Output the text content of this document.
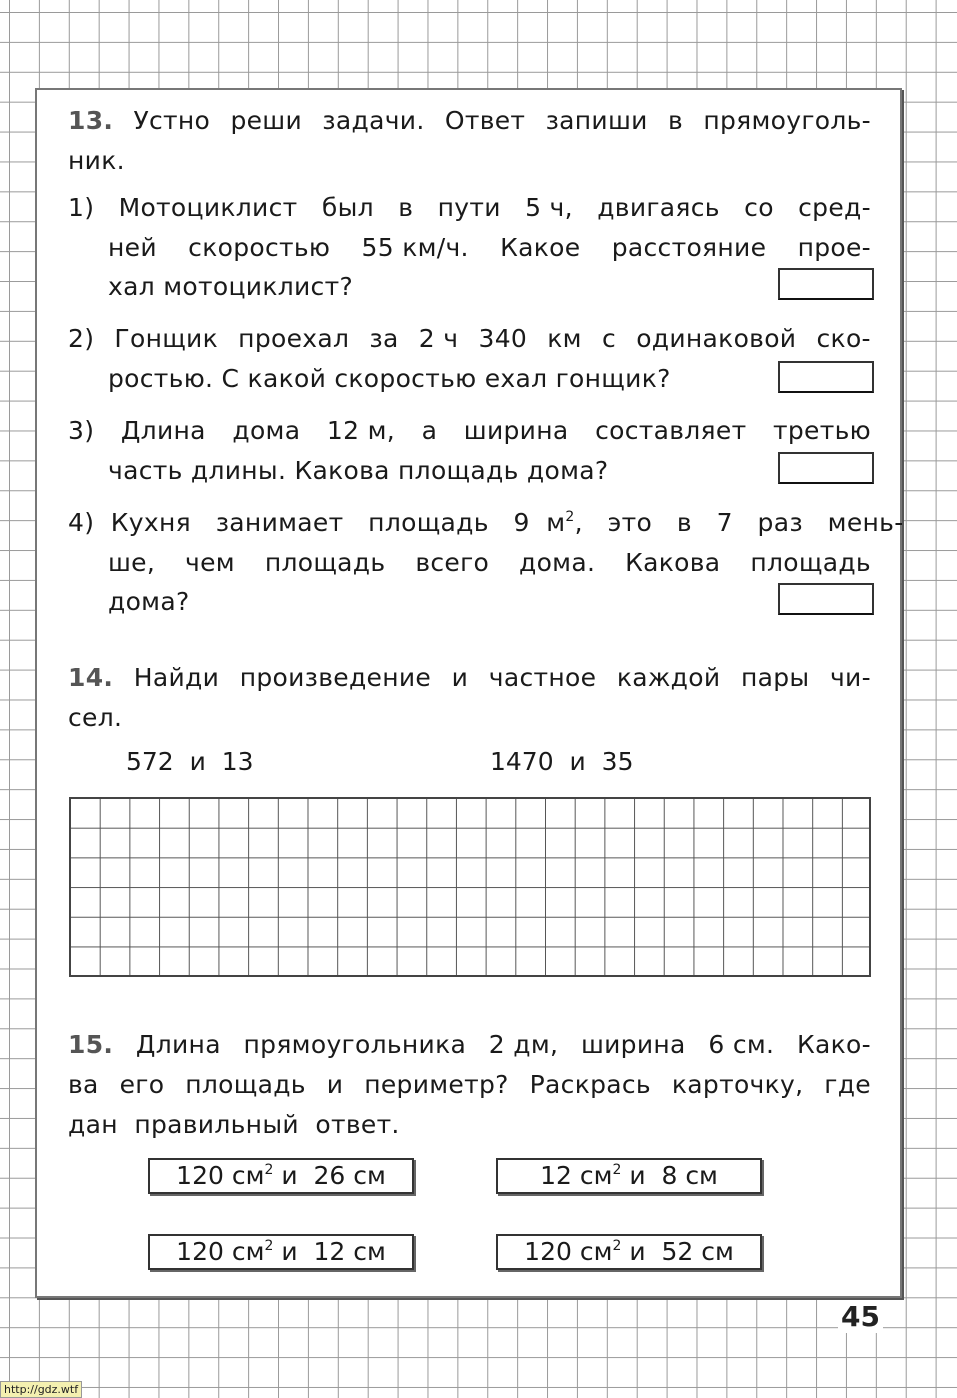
13. Устно реши задачи. Ответ запиши в прямоуголь-
ник.
1) Мотоциклист был в пути 5 ч, двигаясь со сред-
ней скоростью 55 км/ч. Какое расстояние прое-
хал мотоциклист?
2) Гонщик проехал за 2 ч 340 км с одинаковой ско-
ростью. С какой скоростью ехал гонщик?
3) Длина дома 12 м, а ширина составляет третью
часть длины. Какова площадь дома?
4)  Кухня   занимает   площадь   9  $м^2$,   это   в   7   раз   мень-
ше, чем площадь всего дома. Какова площадь
дома?
14. Найди произведение и частное каждой пары чи-
сел.
572  и  13	1470  и  35
15. Длина прямоугольника 2 дм, ширина 6 см. Како-
ва его площадь и периметр? Раскрась карточку, где
дан  правильный  ответ.
120 $см^2$ и  26 см	12 $см^2$ и  8 см
120 $см^2$ и  12 см	120 $см^2$ и  52 см
45
http://gdz.wtf
